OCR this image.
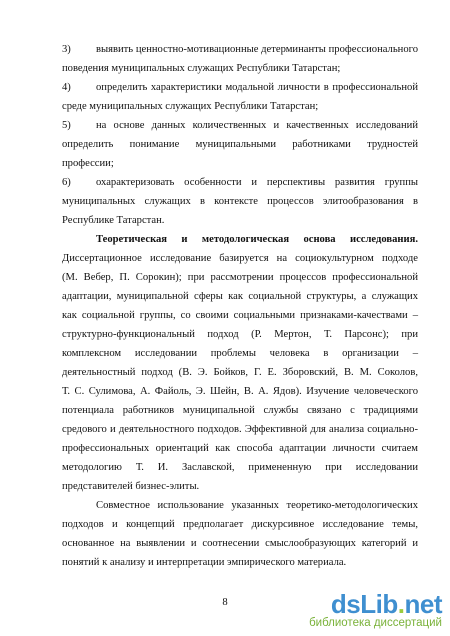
3)	выявить ценностно-мотивационные детерминанты профессионального
поведения муниципальных служащих Республики Татарстан;
4)	определить характеристики модальной личности в профессиональной
среде муниципальных служащих Республики Татарстан;
5)	на основе данных количественных и качественных исследований
определить понимание муниципальными работниками трудностей
профессии;
6)	охарактеризовать особенности и перспективы развития группы
муниципальных служащих в контексте процессов элитообразования в
Республике Татарстан.
Теоретическая и методологическая основа исследования.
Диссертационное исследование базируется на социокультурном подходе
(М. Вебер, П. Сорокин); при рассмотрении процессов профессиональной
адаптации, муниципальной сферы как социальной структуры, а служащих
как социальной группы, со своими социальными признаками-качествами –
структурно-функциональный подход (Р. Мертон, Т. Парсонс); при
комплексном исследовании проблемы человека в организации –
деятельностный подход (В. Э. Бойков, Г. Е. Зборовский, В. М. Соколов,
Т. С. Сулимова, А. Файоль, Э. Шейн, В. А. Ядов). Изучение человеческого
потенциала работников муниципальной службы связано с традициями
средового и деятельностного подходов. Эффективной для анализа социально-
профессиональных ориентаций как способа адаптации личности считаем
методологию Т. И. Заславской, примененную при исследовании
представителей бизнес-элиты.
Совместное использование указанных теоретико-методологических
подходов и концепций предполагает дискурсивное исследование темы,
основанное на выявлении и соотнесении смыслообразующих категорий и
понятий к анализу и интерпретации эмпирического материала.
8	dsLib.net
библиотека диссертаций
